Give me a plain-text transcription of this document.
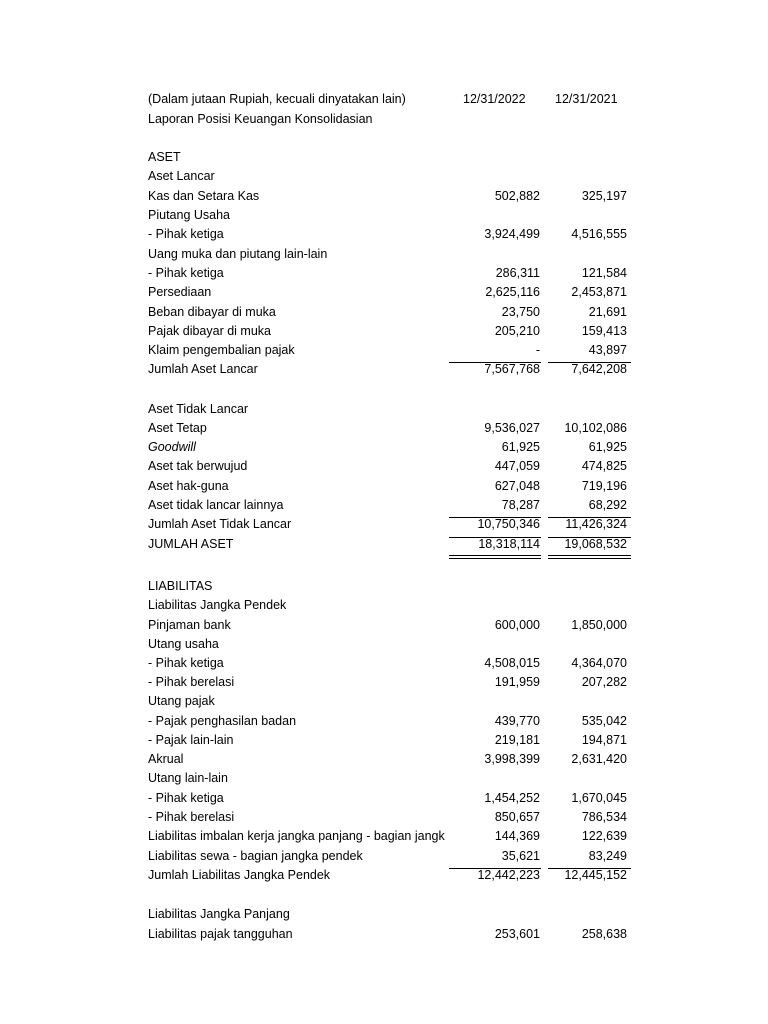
(Dalam jutaan Rupiah, kecuali dinyatakan lain)	12/31/2022 12/31/2021
Laporan Posisi Keuangan Konsolidasian
ASET
Aset Lancar
Kas dan Setara Kas	502,882	325,197
Piutang Usaha
- Pihak ketiga	3,924,499	4,516,555
Uang muka dan piutang lain-lain
- Pihak ketiga	286,311	121,584
Persediaan	2,625,116	2,453,871
Beban dibayar di muka	23,750	21,691
Pajak dibayar di muka	205,210	159,413
Klaim pengembalian pajak	-	43,897
Jumlah Aset Lancar	7,567,768	7,642,208
Aset Tidak Lancar
Aset Tetap	9,536,027 10,102,086
Goodwill	61,925	61,925
Aset tak berwujud	447,059	474,825
Aset hak-guna	627,048	719,196
Aset tidak lancar lainnya	78,287	68,292
Jumlah Aset Tidak Lancar	10,750,346 11,426,324
JUMLAH ASET	18,318,114 19,068,532
LIABILITAS
Liabilitas Jangka Pendek
Pinjaman bank	600,000	1,850,000
Utang usaha
- Pihak ketiga	4,508,015	4,364,070
- Pihak berelasi	191,959	207,282
Utang pajak
- Pajak penghasilan badan	439,770	535,042
- Pajak lain-lain	219,181	194,871
Akrual	3,998,399	2,631,420
Utang lain-lain
- Pihak ketiga	1,454,252	1,670,045
- Pihak berelasi	850,657	786,534
Liabilitas imbalan kerja jangka panjang - bagian jangk	144,369	122,639
Liabilitas sewa - bagian jangka pendek	35,621	83,249
Jumlah Liabilitas Jangka Pendek	12,442,223 12,445,152
Liabilitas Jangka Panjang
Liabilitas pajak tangguhan	253,601	258,638
